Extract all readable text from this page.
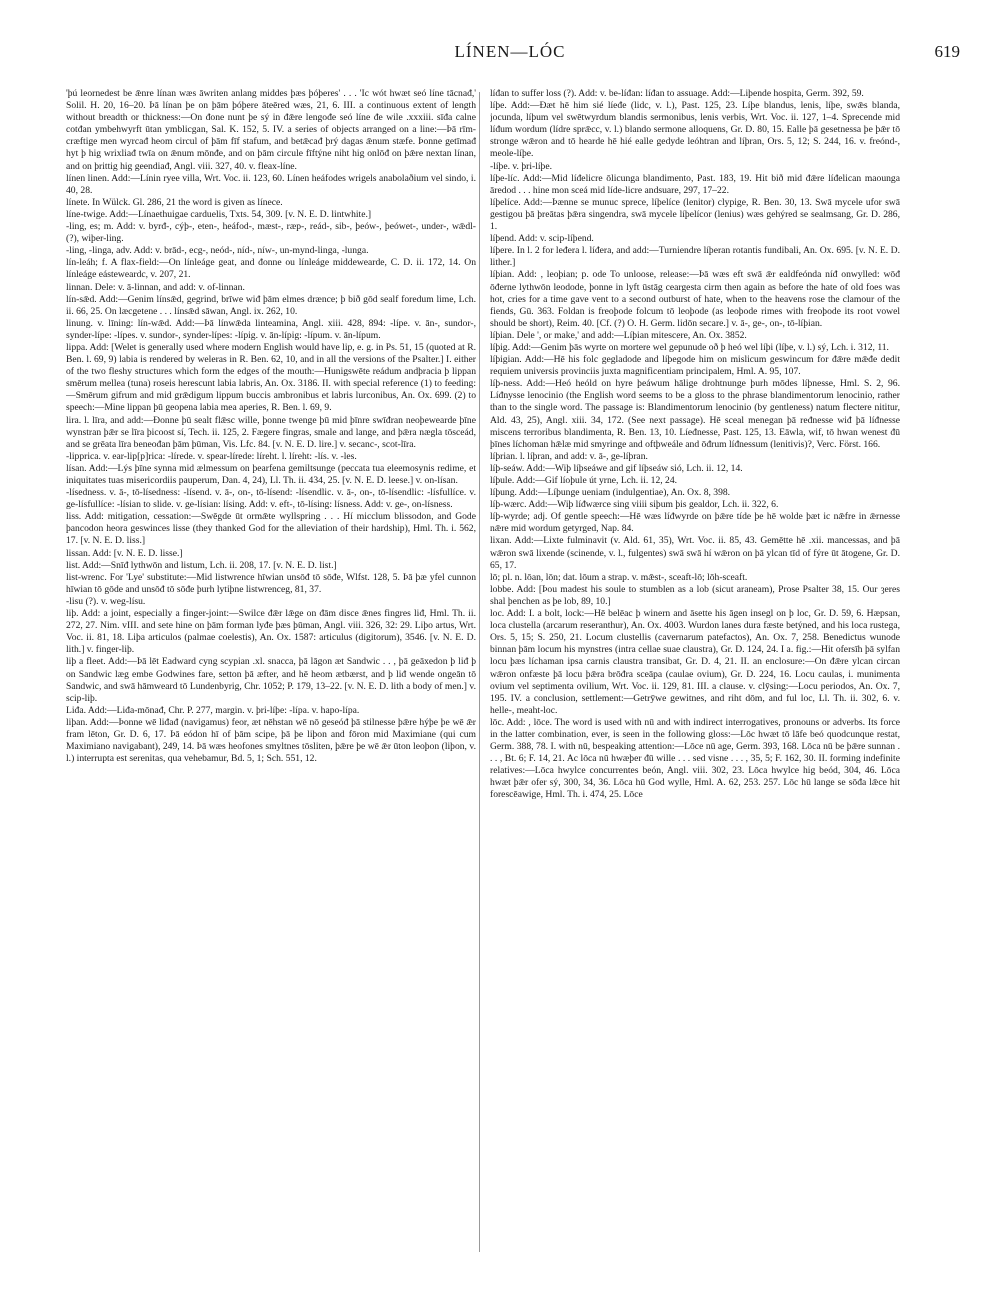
LÍNEN—LÓC	619

'þú leornedest be ǣnre línan wæs āwriten anlang middes þæs þóþeres' . . . 'Ic wót hwæt seó líne tācnađ,' Solil. H. 20, 16–20. Þā línan þe on þām þóþere āteēred wæs, 21, 6. III. a continuous extent of length without breadth or thickness:—On đone nunt þe sý in đǣre lengođe seó líne đe wile .xxxiii. sīđa calne cotđan ymbehwyrft ūtan ymblicgan, Sal. K. 152, 5. IV. a series of objects arranged on a line:—Þā rīm-cræftige men wyrcađ heom circul of þām fīf stafum, and betǣcađ þrý dagas ǣnum stæfe. Þonne getīmađ hyt þ hig wrixliađ twīa on ǣnum mōnđe, and on þām circule fīftýne niht hig onlōđ on þǣre nextan línan, and on þrittig hig geendiađ, Angl. viii. 327, 40. v. fleax-líne.

línen linen. Add:—Línin ryee villa, Wrt. Voc. ii. 123, 60. Línen heáfodes wrigels anabolaðium vel sindo, i. 40, 28.

línete. In Wülck. Gl. 286, 21 the word is given as línece.

líne-twige. Add:—Línaethuigae carduelis, Txts. 54, 309. [v. N. E. D. lintwhite.]

-ling, es; m. Add: v. byrđ-, cýþ-, eten-, heáfod-, mæst-, ræp-, reád-, sib-, þeów-, þeówet-, under-, wǣdl- (?), wiþer-ling.

-ling, -linga, adv. Add: v. brād-, ecg-, neód-, níd-, níw-, un-mynd-linga, -lunga.

lín-leáh; f. A flax-field:—On línleáge geat, and đonne ou línleáge middewearde, C. D. ii. 172, 14. On línleáge eásteweardc, v. 207, 21.

linnan. Dele: v. ā-linnan, and add: v. of-linnan.

lín-sǣd. Add:—Genim línsǣd, gegrind, brīwe wiđ þām elmes drænce; þ bið gōd sealf foredum lime, Lch. ii. 66, 25. On læcgetene . . . línsǣd sāwan, Angl. ix. 262, 10.

linung. v. līning: lín-wǣd. Add:—Þā línwǣda linteamina, Angl. xiii. 428, 894: -lípe. v. ān-, sundor-, synder-lípe: -lípes. v. sundor-, synder-lípes: -lípig. v. ān-lípig: -lípum. v. ān-lípum.

lippa. Add: [Welet is generally used where modern English would have lip, e. g. in Ps. 51, 15 (quoted at R. Ben. l. 69, 9) labia is rendered by weleras in R. Ben. 62, 10, and in all the versions of the Psalter.] I. either of the two fleshy structures which form the edges of the mouth:—Hunigswēte reádum andþracia þ lippan smērum mellea (tuna) roseis herescunt labia labris, An. Ox. 3186. II. with special reference (1) to feeding:—Smērum gifrum and mid grǣdigum lippum buccis ambronibus et labris lurconibus, An. Ox. 699. (2) to speech:—Mine lippan þū geopena labia mea aperies, R. Ben. l. 69, 9.

lira. l. līra, and add:—Đonne þū sealt flǣsc wille, þonne twenge þū mid þīnre swīđran neoþewearde þīne wynstran þǣr se līra þicoost sí, Tech. ii. 125, 2. Fægere fingras, smale and lange, and þǣra nægla tōsceád, and se grēata līra beneođan þām þūman, Vis. Lfc. 84. [v. N. E. D. lire.] v. secanc-, scot-līra.

-lipprica. v. ear-lip[p]rica: -lírede. v. spear-lírede: líreht. l. líreht: -lís. v. -les.

lísan. Add:—Lýs þīne synna mid ælmessum on þearfena gemiltsunge (peccata tua eleemosynis redime, et iniquitates tuas misericordiis pauperum, Dan. 4, 24), Ll. Th. ii. 434, 25. [v. N. E. D. leese.] v. on-lísan.

-lísedness. v. ā-, tō-lísedness: -lísend. v. ā-, on-, tō-lísend: -lísendlic. v. ā-, on-, tō-lísendlic: -lísfullíce. v. ge-lísfullíce: -lísian to slide. v. ge-lísian: lísing. Add: v. eft-, tō-lísing: lísness. Add: v. ge-, on-lísness.

liss. Add: mitigation, cessation:—Swēgde ūt ormǣte wyllspring . . . Hí micclum blissodon, and Gode þancodon heora geswinces lisse (they thanked God for the alleviation of their hardship), Hml. Th. i. 562, 17. [v. N. E. D. liss.]

lissan. Add: [v. N. E. D. lisse.]

list. Add:—Snīđ lythwōn and listum, Lch. ii. 208, 17. [v. N. E. D. list.]

list-wrenc. For 'Lye' substitute:—Mid listwrence hīwian unsōđ tō sōđe, Wlfst. 128, 5. Þā þæ yfel cunnon hīwian tō gōde and unsōđ tō sōđe þurh lytiþne listwrenceg, 81, 37.

-lisu (?). v. weg-lísu.

liþ. Add: a joint, especially a finger-joint:—Swilce đǣr lǣge on đām disce ǣnes fingres liđ, Hml. Th. ii. 272, 27. Nim. vIII. and sete hine on þām forman lyđe þæs þūman, Angl. viii. 326, 32: 29. Liþo artus, Wrt. Voc. ii. 81, 18. Liþa articulos (palmae coelestis), An. Ox. 1587: articulus (digitorum), 3546. [v. N. E. D. lith.] v. finger-liþ.

liþ a fleet. Add:—Þā lēt Eadward cyng scypian .xl. snacca, þā lāgon æt Sandwic . . , þā geāxedon þ liđ þ on Sandwic læg embe Godwines fare, setton þā æfter, and hē heom ætbærst, and þ liđ wende ongeān tō Sandwic, and swā hāmweard tō Lundenbyrig, Chr. 1052; P. 179, 13–22. [v. N. E. D. lith a body of men.] v. scip-liþ.

Liđa. Add:—Liđa-mōnađ, Chr. P. 277, margin. v. þri-líþe: -lípa. v. hapo-lípa.

liþan. Add:—Þonne wē liđađ (navigamus) feor, æt nēhstan wē nō geseóđ þā stilnesse þǣre hýþe þe wē ǣr fram lēton, Gr. D. 6, 17. Þā eódon hī of þām scipe, þā þe liþon and fōron mid Maximiane (qui cum Maximiano navigabant), 249, 14. Þā wæs heofones smyltnes tōsliten, þǣre þe wē ǣr ūton leoþon (liþon, v. l.) interrupta est serenitas, qua vehebamur, Bd. 5, 1; Sch. 551, 12.

líđan to suffer loss (?). Add: v. be-líđan: líđan to assuage. Add:—Liþende hospita, Germ. 392, 59.

líþe. Add:—Đæt hē him sié líeđe (lidc, v. l.), Past. 125, 23. Líþe blandus, lenis, líþe, swǣs blanda, jocunda, líþum vel swētwyrdum blandis sermonibus, lenis verbis, Wrt. Voc. ii. 127, 1–4. Sprecende mid líđum wordum (lídre sprǣcc, v. l.) blando sermone alloquens, Gr. D. 80, 15. Ealle þā gesetnessa þe þǣr tō stronge wǣron and tō hearde hē hié ealle gedyde leóhtran and líþran, Ors. 5, 12; S. 244, 16. v. freónd-, meole-líþe.

-líþe. v. þri-líþe.

líþe-líc. Add:—Mid líđelicre ōlicunga blandimento, Past. 183, 19. Hit bið mid đǣre líđelican maounga āredod . . . hine mon sceá mid líde-licre andsuare, 297, 17–22.

líþelíce. Add:—Þænne se munuc sprece, líþelíce (lenitor) clypige, R. Ben. 30, 13. Swā mycele ufor swā gestigou þā þreātas þǣra singendra, swā mycele líþelícor (lenius) wæs gehýred se sealmsang, Gr. D. 286, 1.

líþend. Add: v. scip-líþend.

líþere. In l. 2 for leđera l. líđera, and add:—Turniendre líþeran rotantis fundibali, An. Ox. 695. [v. N. E. D. lither.]

líþian. Add: , leoþian; p. ode To unloose, release:—Þā wæs eft swā ǣr ealdfeónda níđ onwylled: wōđ ōđerne lythwōn leodode, þonne in lyft ūstāg ceargesta cirm then again as before the hate of old foes was hot, cries for a time gave vent to a second outburst of hate, when to the heavens rose the clamour of the fiends, Gū. 363. Foldan is freoþode folcum tō leoþode (as leoþode rimes with freoþode its root vowel should be short), Reim. 40. [Cf. (?) O. H. Germ. lidōn secare.] v. ā-, ge-, on-, tō-líþian.

líþian. Dele ', or make,' and add:—Líþian mitescere, An. Ox. 3852.

líþig. Add:—Genim þās wyrte on mortere wel gepunude oð þ heó wel líþi (líþe, v. l.) sý, Lch. i. 312, 11.

líþigian. Add:—Hē his folc gegladode and líþegode him on mislicum geswincum for đǣre mǣđe dedit requiem universis provinciis juxta magnificentiam principalem, Hml. A. 95, 107.

líþ-ness. Add:—Heó heóld on hyre þeáwum hālige drohtnunge þurh mōdes líþnesse, Hml. S. 2, 96. Líđnysse lenocinio (the English word seems to be a gloss to the phrase blandimentorum lenocinio, rather than to the single word. The passage is: Blandimentorum lenocinio (by gentleness) natum flectere nititur, Ald. 43, 25), Angl. xiii. 34, 172. (See next passage). Hē sceal menegan þā ređnesse wiđ þā líđnesse miscens terroribus blandimenta, R. Ben. 13, 10. Líeđnesse, Past. 125, 13. Eāwla, wif, tō hwan wenest đū þīnes líchoman hǣlæ mid smyringe and oftþweále and ōđrum líđnessum (lenitivis)?, Verc. Först. 166.

líþrian. l. líþran, and add: v. ā-, ge-líþran.

líþ-seáw. Add:—Wiþ líþseáwe and gif líþseáw sió, Lch. ii. 12, 14.

líþule. Add:—Gif líoþule út yrne, Lch. ii. 12, 24.

líþung. Add:—Líþunge ueniam (indulgentiae), An. Ox. 8, 398.

líþ-wærc. Add:—Wiþ líđwærce sing viiii siþum þis gealdor, Lch. ii. 322, 6.

líþ-wyrde; adj. Of gentle speech:—Hē wæs líđwyrde on þǣre tíde þe hē wolde þæt ic nǣfre in ǣrnesse nǣre mid wordum getyrged, Nap. 84.

lixan. Add:—Lixte fulminavit (v. Ald. 61, 35), Wrt. Voc. ii. 85, 43. Gemētte hē .xii. mancessas, and þā wǣron swā lixende (scinende, v. l., fulgentes) swā swā hí wǣron on þā ylcan tīd of fýre ūt ātogene, Gr. D. 65, 17.

lō; pl. n. lōan, lōn; dat. lōum a strap. v. mǣst-, sceaft-lō; lōh-sceaft.

lobbe. Add: [Þou madest his soule to stumblen as a lob (sicut araneam), Prose Psalter 38, 15. Our ȝeres shal þenchen as þe lob, 89, 10.]

loc. Add: I. a bolt, lock:—Hē belēac þ winern and āsette his āgen insegl on þ loc, Gr. D. 59, 6. Hæpsan, loca clustella (arcarum reseranthur), An. Ox. 4003. Wurdon lanes dura fæste betýned, and his loca rustega, Ors. 5, 15; S. 250, 21. Locum clustellis (cavernarum patefactos), An. Ox. 7, 258. Benedictus wunode binnan þām locum his mynstres (intra cellae suae claustra), Gr. D. 124, 24. I a. fig.:—Hit ofersīh þā sylfan locu þæs líchaman ipsa carnis claustra transibat, Gr. D. 4, 21. II. an enclosure:—On đǣre ylcan circan wǣron onfæste þā locu þǣra brōđra sceāpa (caulae ovium), Gr. D. 224, 16. Locu caulas, i. munimenta ovium vel septimenta ovilium, Wrt. Voc. ii. 129, 81. III. a clause. v. clȳsing:—Locu periodos, An. Ox. 7, 195. IV. a conclusion, settlement:—Getrȳwe gewitnes, and riht dōm, and ful loc, Ll. Th. ii. 302, 6. v. helle-, meaht-loc.

lōc. Add: , lōce. The word is used with nū and with indirect interrogatives, pronouns or adverbs. Its force in the latter combination, ever, is seen in the following gloss:—Lōc hwæt tō lāfe beó quodcunque restat, Germ. 388, 78. I. with nū, bespeaking attention:—Lōce nū age, Germ. 393, 168. Lōca nū be þǣre sunnan . . . , Bt. 6; F. 14, 21. Ac lōca nū hwæþer đū wille . . . sed visne . . . , 35, 5; F. 162, 30. II. forming indefinite relatives:—Lōca hwylce concurrentes beón, Angl. viii. 302, 23. Lōca hwylce hig beód, 304, 46. Lōca hwæt þǣr ofer sý, 300, 34, 36. Lōca hū God wylle, Hml. A. 62, 253. 257. Lōc hū lange se sōđa lǣce hit forescēawige, Hml. Th. i. 474, 25. Lōce
